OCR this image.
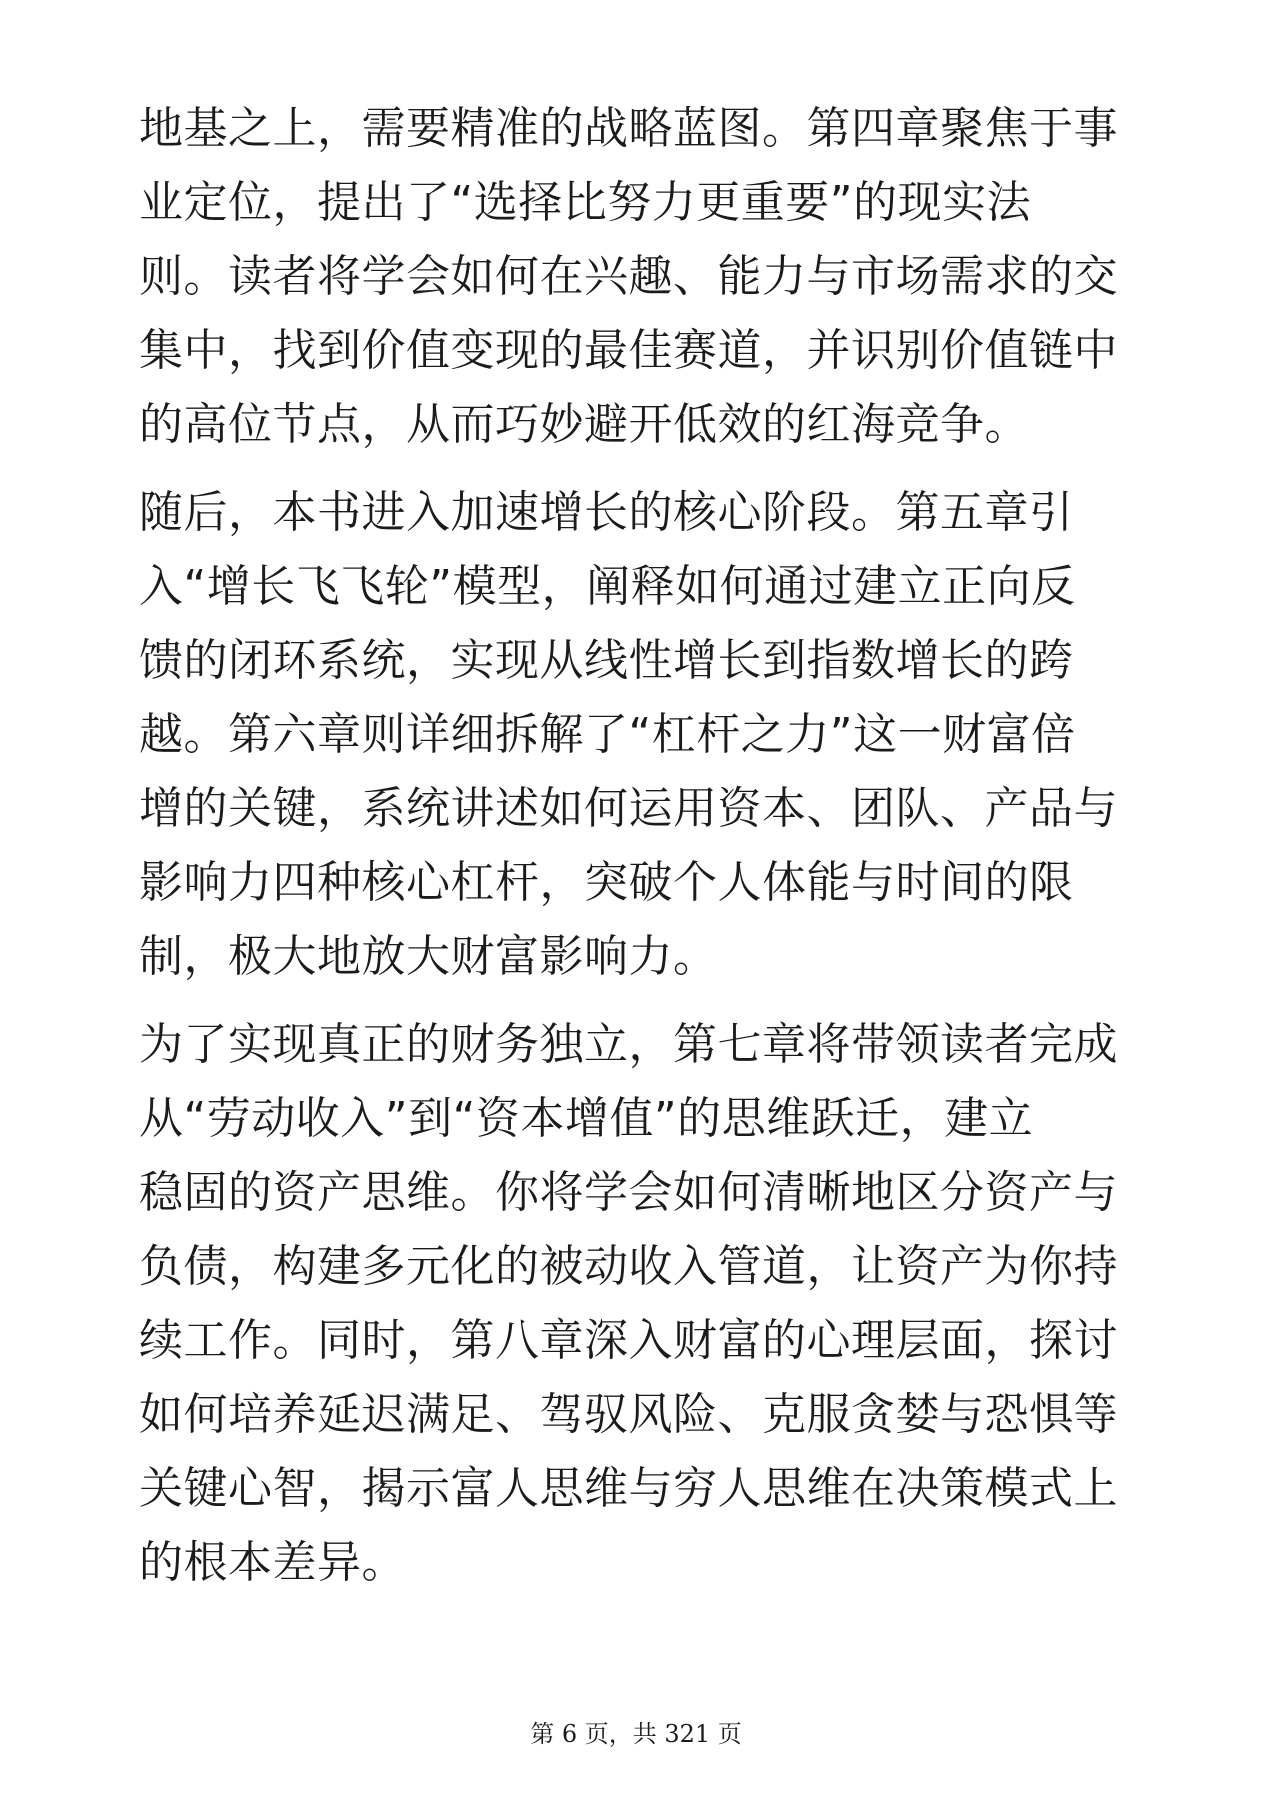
地基之上，需要精准的战略蓝图。第四章聚焦于事
业定位，提出了“选择比努力更重要”的现实法
则。读者将学会如何在兴趣、能力与市场需求的交
集中，找到价值变现的最佳赛道，并识别价值链中
的高位节点，从而巧妙避开低效的红海竞争。
随后，本书进入加速增长的核心阶段。第五章引
入“增长飞飞轮”模型，阐释如何通过建立正向反
馈的闭环系统，实现从线性增长到指数增长的跨
越。第六章则详细拆解了“杠杆之力”这一财富倍
增的关键，系统讲述如何运用资本、团队、产品与
影响力四种核心杠杆，突破个人体能与时间的限
制，极大地放大财富影响力。
为了实现真正的财务独立，第七章将带领读者完成
从“劳动收入”到“资本增值”的思维跃迁，建立
稳固的资产思维。你将学会如何清晰地区分资产与
负债，构建多元化的被动收入管道，让资产为你持
续工作。同时，第八章深入财富的心理层面，探讨
如何培养延迟满足、驾驭风险、克服贪婪与恐惧等
关键心智，揭示富人思维与穷人思维在决策模式上
的根本差异。
第 6 页，共 321 页
